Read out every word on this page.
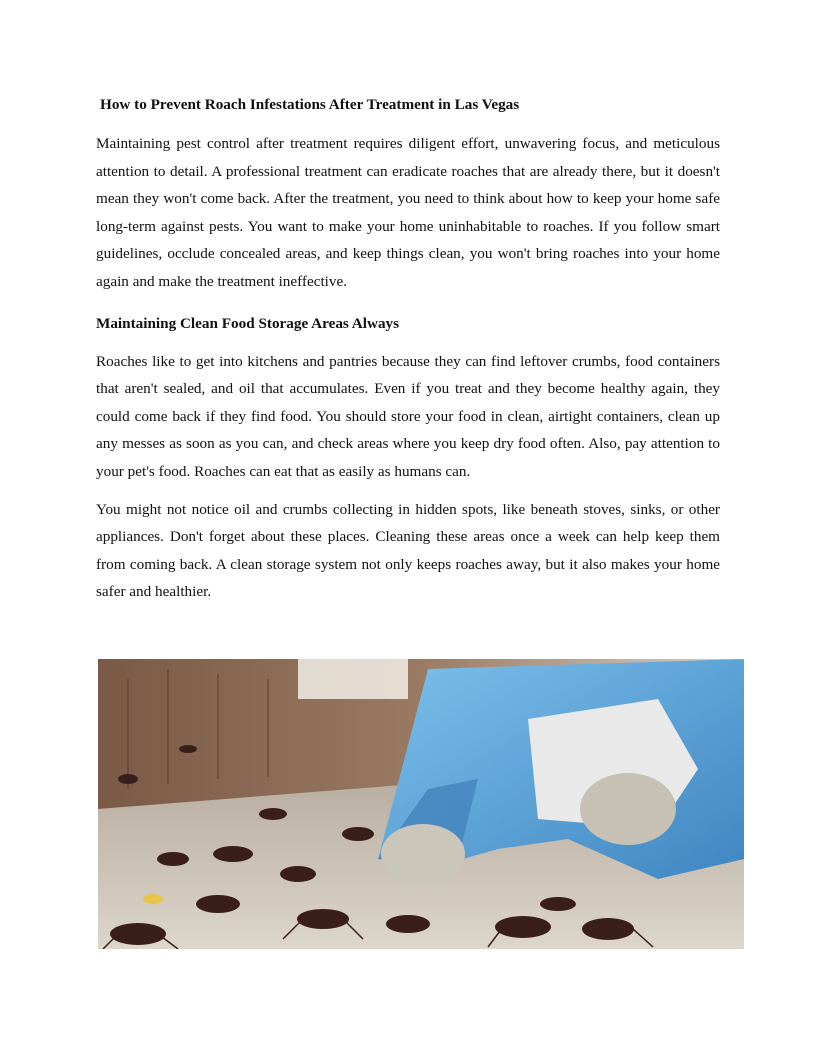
How to Prevent Roach Infestations After Treatment in Las Vegas

Maintaining pest control after treatment requires diligent effort, unwavering focus, and meticulous attention to detail. A professional treatment can eradicate roaches that are already there, but it doesn't mean they won't come back. After the treatment, you need to think about how to keep your home safe long-term against pests. You want to make your home uninhabitable to roaches. If you follow smart guidelines, occlude concealed areas, and keep things clean, you won't bring roaches into your home again and make the treatment ineffective.

Maintaining Clean Food Storage Areas Always

Roaches like to get into kitchens and pantries because they can find leftover crumbs, food containers that aren't sealed, and oil that accumulates. Even if you treat and they become healthy again, they could come back if they find food. You should store your food in clean, airtight containers, clean up any messes as soon as you can, and check areas where you keep dry food often. Also, pay attention to your pet's food. Roaches can eat that as easily as humans can.

You might not notice oil and crumbs collecting in hidden spots, like beneath stoves, sinks, or other appliances. Don't forget about these places. Cleaning these areas once a week can help keep them from coming back. A clean storage system not only keeps roaches away, but it also makes your home safer and healthier.
